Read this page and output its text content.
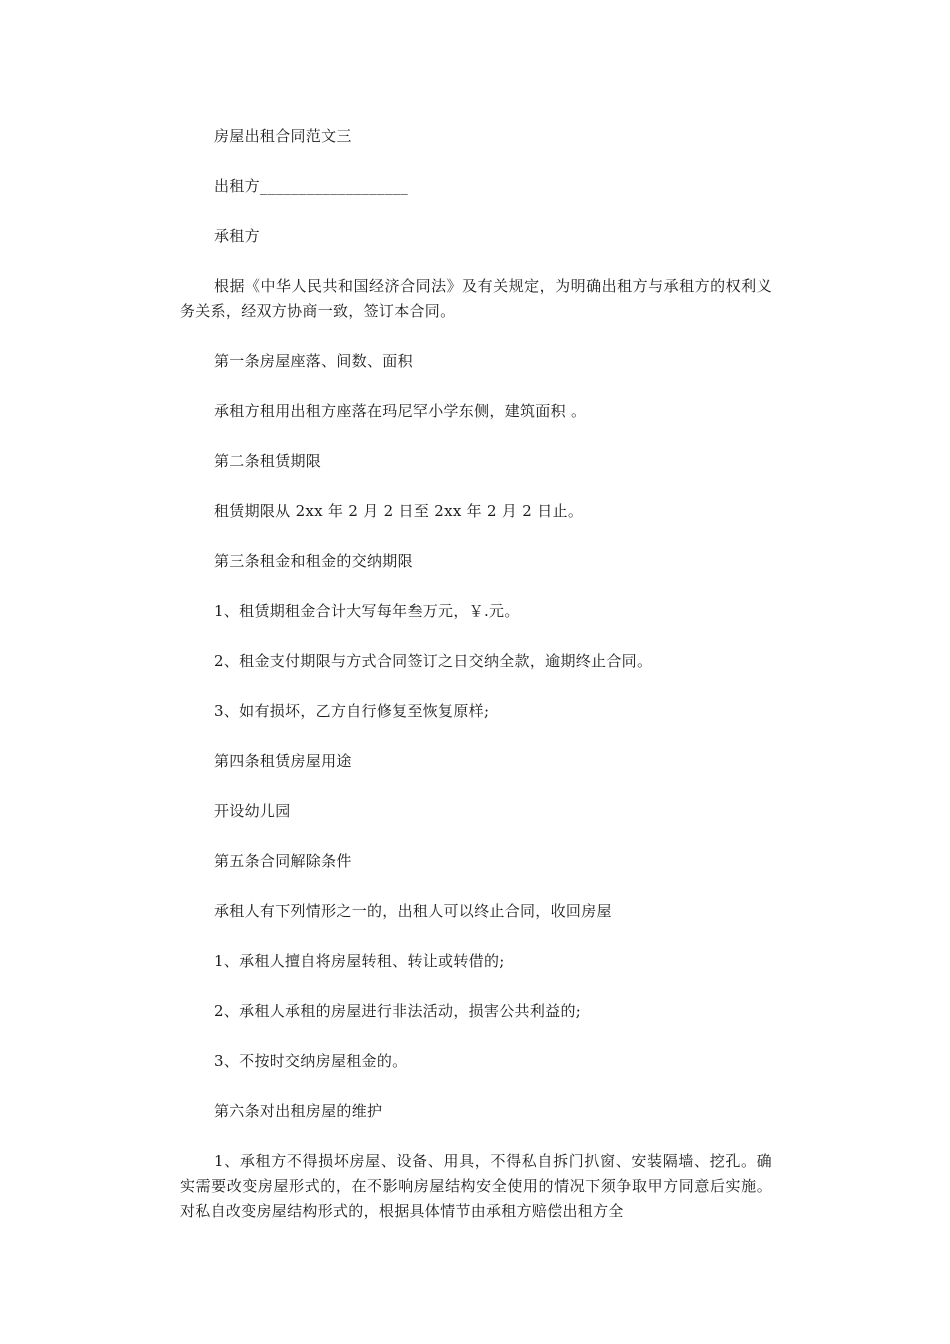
房屋出租合同范文三

出租方___________________

承租方

根据《中华人民共和国经济合同法》及有关规定，为明确出租方与承租方的权利义务关系，经双方协商一致，签订本合同。

第一条房屋座落、间数、面积

承租方租用出租方座落在玛尼罕小学东侧，建筑面积 。

第二条租赁期限

租赁期限从 2xx 年 2 月 2 日至 2xx 年 2 月 2 日止。

第三条租金和租金的交纳期限

1、租赁期租金合计大写每年叁万元，￥.元。

2、租金支付期限与方式合同签订之日交纳全款，逾期终止合同。

3、如有损坏，乙方自行修复至恢复原样;

第四条租赁房屋用途

开设幼儿园

第五条合同解除条件

承租人有下列情形之一的，出租人可以终止合同，收回房屋

1、承租人擅自将房屋转租、转让或转借的;

2、承租人承租的房屋进行非法活动，损害公共利益的;

3、不按时交纳房屋租金的。

第六条对出租房屋的维护

1、承租方不得损坏房屋、设备、用具，不得私自拆门扒窗、安装隔墙、挖孔。确实需要改变房屋形式的，在不影响房屋结构安全使用的情况下须争取甲方同意后实施。对私自改变房屋结构形式的，根据具体情节由承租方赔偿出租方全
